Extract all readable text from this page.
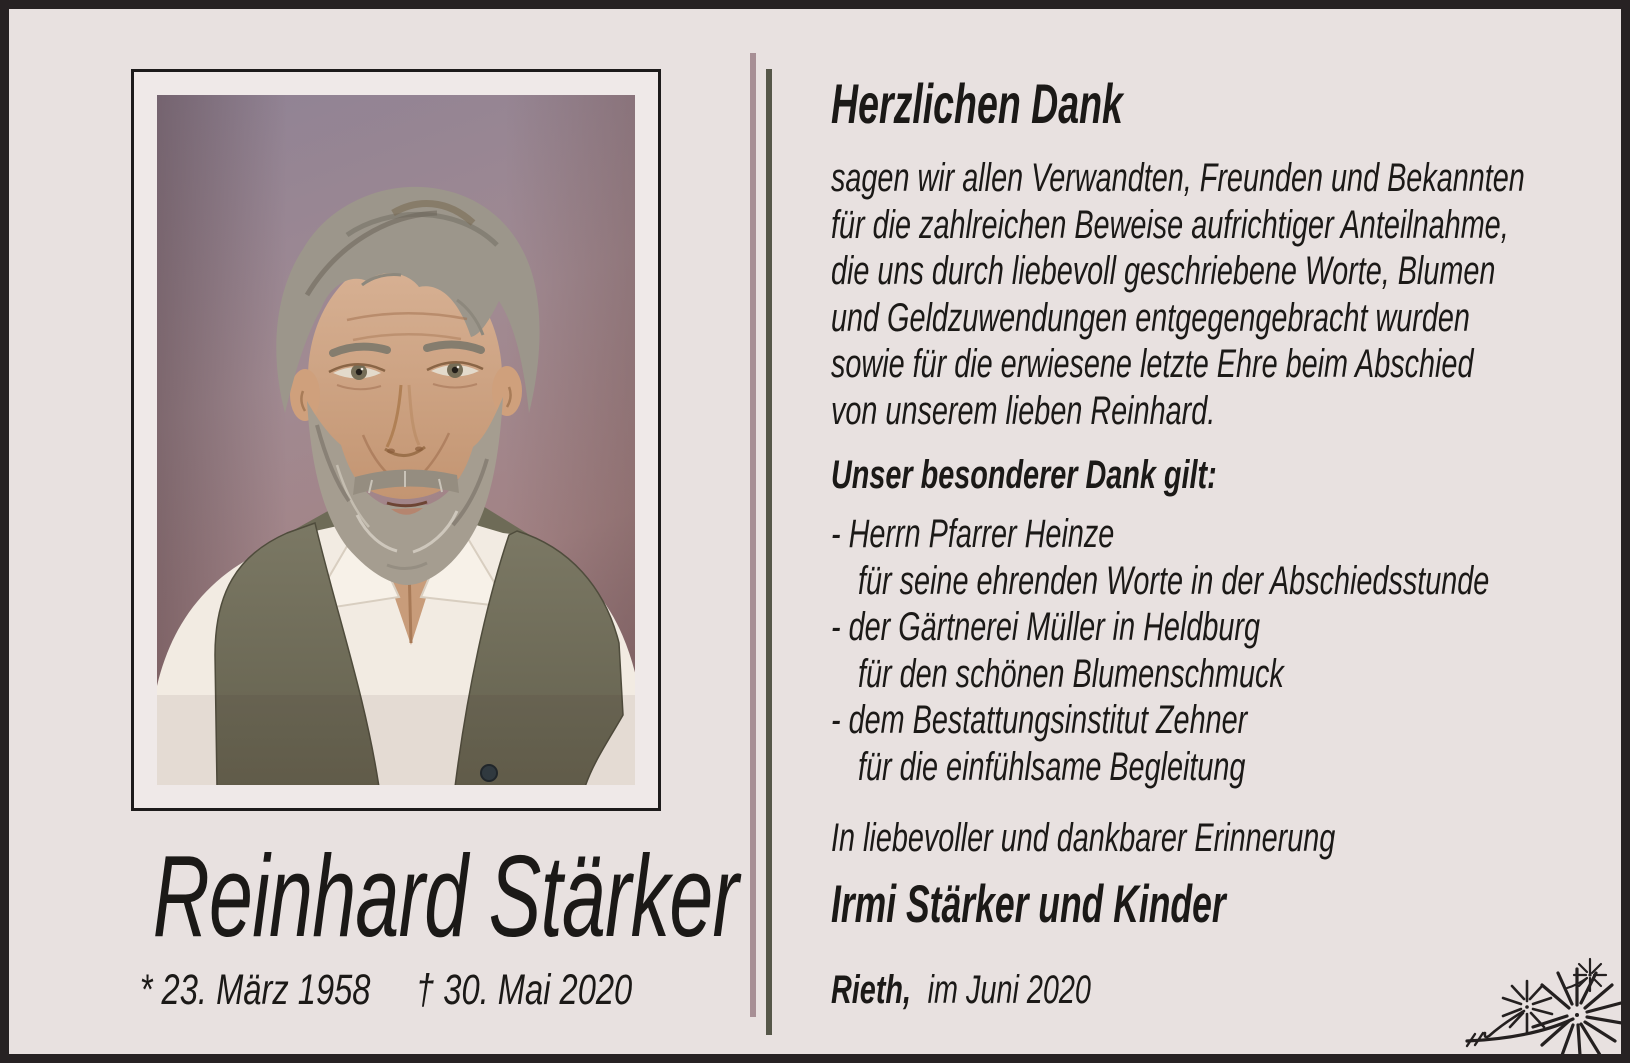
Reinhard Stärker
* 23. März 1958 † 30. Mai 2020
Herzlichen Dank
sagen wir allen Verwandten, Freunden und Bekannten
für die zahlreichen Beweise aufrichtiger Anteilnahme,
die uns durch liebevoll geschriebene Worte, Blumen
und Geldzuwendungen entgegengebracht wurden
sowie für die erwiesene letzte Ehre beim Abschied
von unserem lieben Reinhard.
Unser besonderer Dank gilt:
- Herrn Pfarrer Heinze
für seine ehrenden Worte in der Abschiedsstunde
- der Gärtnerei Müller in Heldburg
für den schönen Blumenschmuck
- dem Bestattungsinstitut Zehner
für die einfühlsame Begleitung
In liebevoller und dankbarer Erinnerung
Irmi Stärker und Kinder
Rieth, im Juni 2020
